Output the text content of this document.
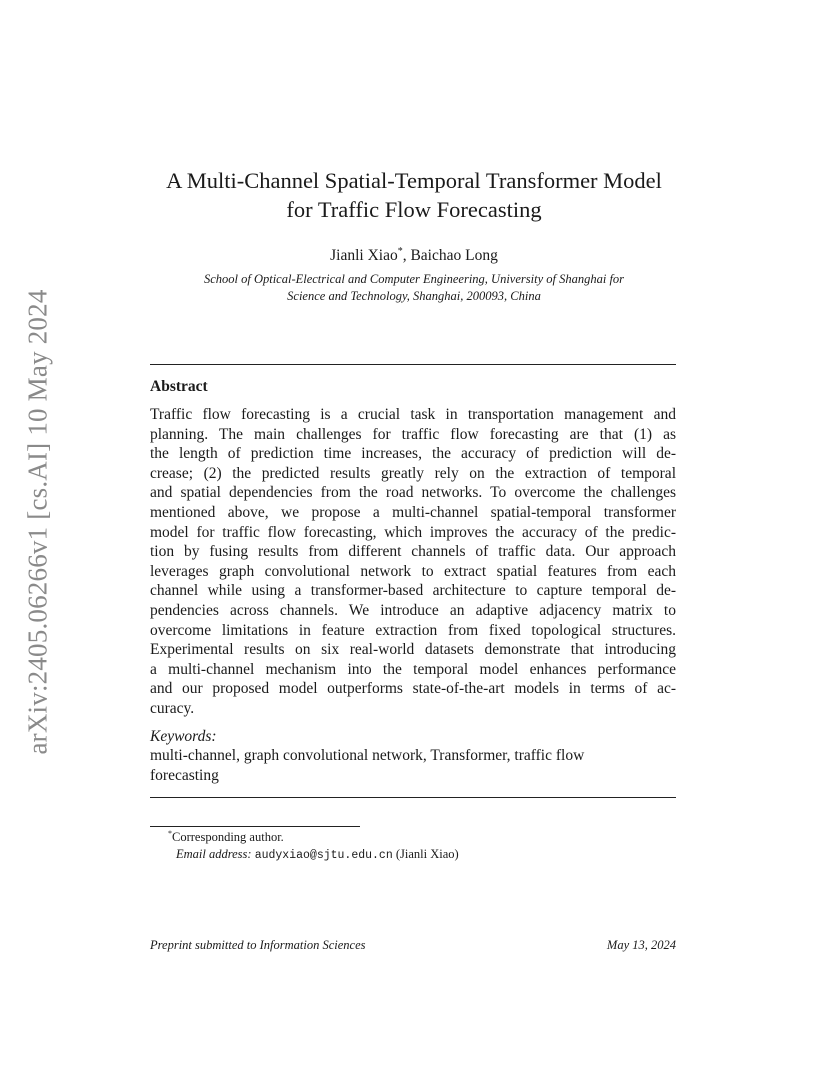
arXiv:2405.06266v1 [cs.AI] 10 May 2024
A Multi-Channel Spatial-Temporal Transformer Model
for Traffic Flow Forecasting
Jianli Xiao*, Baichao Long
School of Optical-Electrical and Computer Engineering, University of Shanghai for
Science and Technology, Shanghai, 200093, China
Abstract
Traffic flow forecasting is a crucial task in transportation management and
planning. The main challenges for traffic flow forecasting are that (1) as
the length of prediction time increases, the accuracy of prediction will de-
crease; (2) the predicted results greatly rely on the extraction of temporal
and spatial dependencies from the road networks. To overcome the challenges
mentioned above, we propose a multi-channel spatial-temporal transformer
model for traffic flow forecasting, which improves the accuracy of the predic-
tion by fusing results from different channels of traffic data. Our approach
leverages graph convolutional network to extract spatial features from each
channel while using a transformer-based architecture to capture temporal de-
pendencies across channels. We introduce an adaptive adjacency matrix to
overcome limitations in feature extraction from fixed topological structures.
Experimental results on six real-world datasets demonstrate that introducing
a multi-channel mechanism into the temporal model enhances performance
and our proposed model outperforms state-of-the-art models in terms of ac-
curacy.
Keywords:
multi-channel, graph convolutional network, Transformer, traffic flow
forecasting
*Corresponding author.
Email address: audyxiao@sjtu.edu.cn (Jianli Xiao)
Preprint submitted to Information Sciences	May 13, 2024
